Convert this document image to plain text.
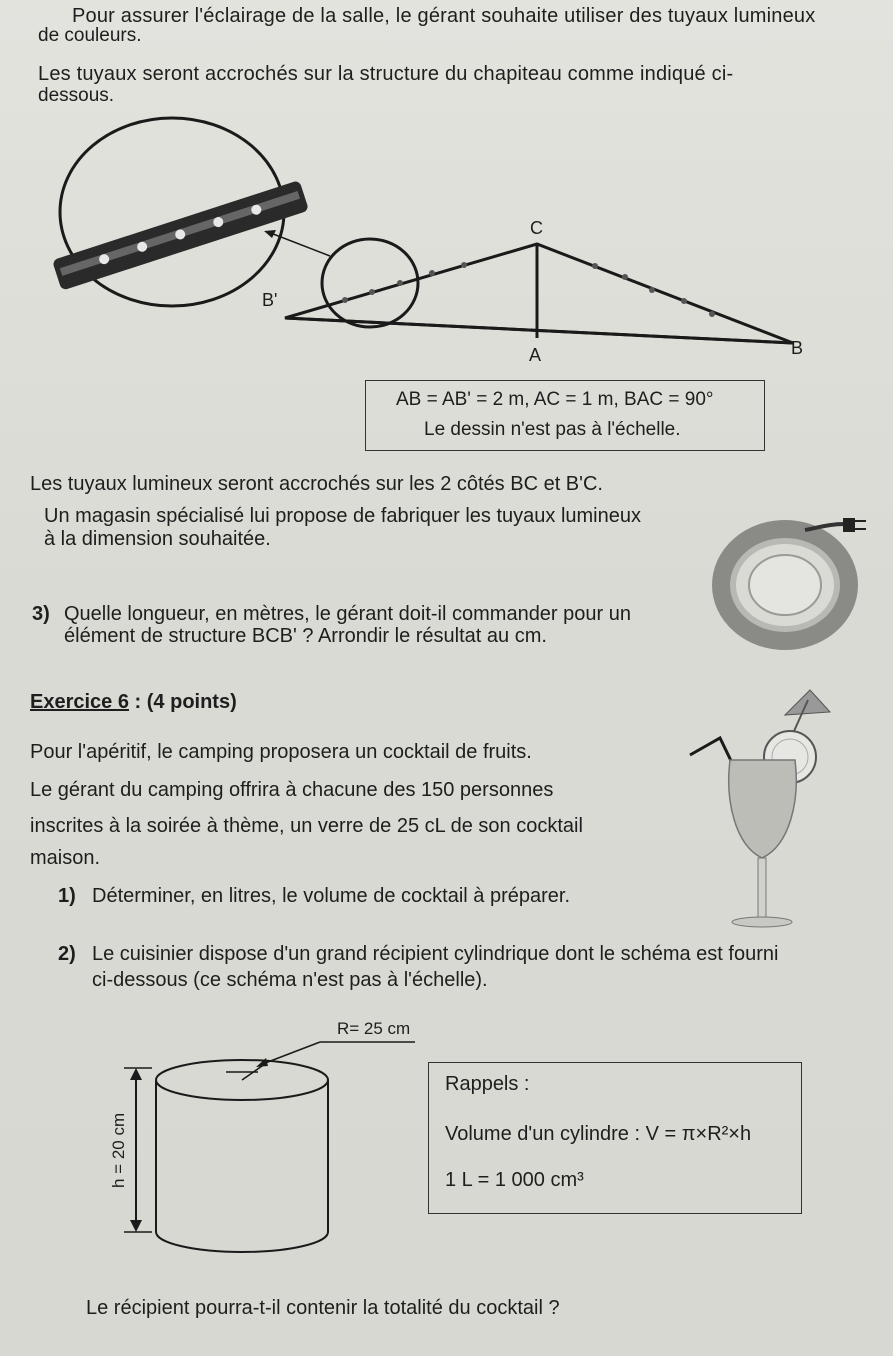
Pour assurer l'éclairage de la salle, le gérant souhaite utiliser des tuyaux lumineux
de couleurs.
Les tuyaux seront accrochés sur la structure du chapiteau comme indiqué ci-
dessous.
C
B'
A	B
AB = AB' = 2 m, AC = 1 m, BAC = 90°
Le dessin n'est pas à l'échelle.
Les tuyaux lumineux seront accrochés sur les 2 côtés BC et B'C.
Un magasin spécialisé lui propose de fabriquer les tuyaux lumineux
à la dimension souhaitée.
3) Quelle longueur, en mètres, le gérant doit-il commander pour un
élément de structure BCB' ? Arrondir le résultat au cm.
Exercice 6 : (4 points)
Pour l'apéritif, le camping proposera un cocktail de fruits.
Le gérant du camping offrira à chacune des 150 personnes
inscrites à la soirée à thème, un verre de 25 cL de son cocktail
maison.
1) Déterminer, en litres, le volume de cocktail à préparer.
2) Le cuisinier dispose d'un grand récipient cylindrique dont le schéma est fourni
ci-dessous (ce schéma n'est pas à l'échelle).
R= 25 cm
h = 20 cm
Rappels :
Volume d'un cylindre : V = π×R²×h
1 L = 1 000 cm³
Le récipient pourra-t-il contenir la totalité du cocktail ?
